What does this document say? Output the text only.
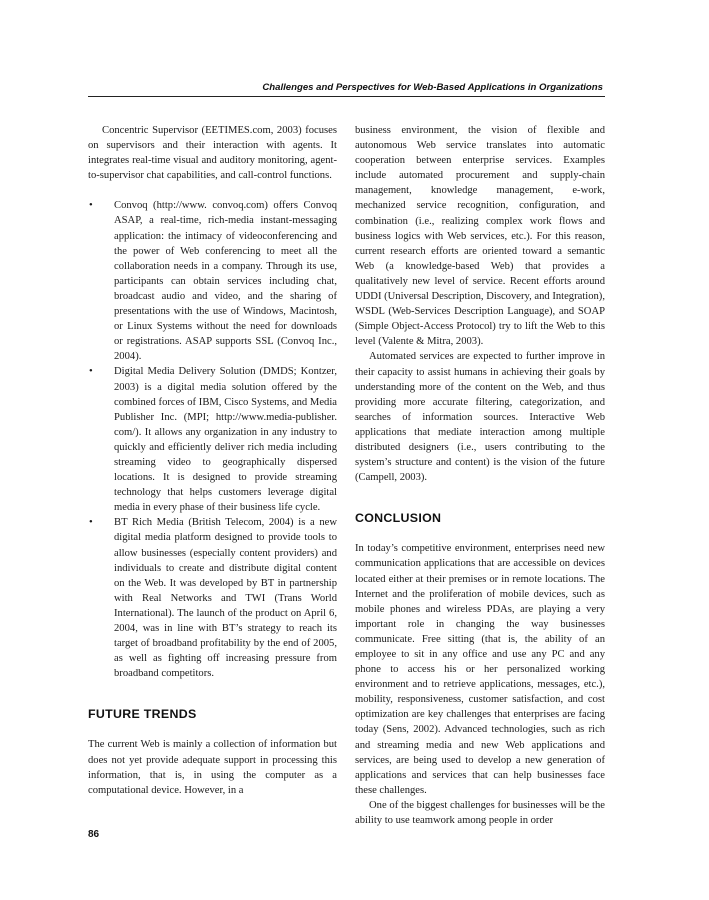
Challenges and Perspectives for Web-Based Applications in Organizations

Concentric Supervisor (EETIMES.com, 2003) focuses on supervisors and their interaction with agents. It integrates real-time visual and auditory monitoring, agent-to-supervisor chat capabilities, and call-control functions.

• Convoq (http://www. convoq.com) offers Convoq ASAP, a real-time, rich-media instant-messaging application: the intimacy of videoconferencing and the power of Web conferencing to meet all the collaboration needs in a company. Through its use, participants can obtain services including chat, broadcast audio and video, and the sharing of presentations with the use of Windows, Macintosh, or Linux Systems without the need for downloads or registrations. ASAP supports SSL (Convoq Inc., 2004).
• Digital Media Delivery Solution (DMDS; Kontzer, 2003) is a digital media solution offered by the combined forces of IBM, Cisco Systems, and Media Publisher Inc. (MPI; http://www.media-publisher. com/). It allows any organization in any industry to quickly and efficiently deliver rich media including streaming video to geographically dispersed locations. It is designed to provide streaming technology that helps customers leverage digital media in every phase of their business life cycle.
• BT Rich Media (British Telecom, 2004) is a new digital media platform designed to provide tools to allow businesses (especially content providers) and individuals to create and distribute digital content on the Web. It was developed by BT in partnership with Real Networks and TWI (Trans World International). The launch of the product on April 6, 2004, was in line with BT’s strategy to reach its target of broadband profitability by the end of 2005, as well as fighting off increasing pressure from broadband competitors.
FUTURE TRENDS

The current Web is mainly a collection of information but does not yet provide adequate support in processing this information, that is, in using the computer as a computational device. However, in a

business environment, the vision of flexible and autonomous Web service translates into automatic cooperation between enterprise services. Examples include automated procurement and supply-chain management, knowledge management, e-work, mechanized service recognition, configuration, and combination (i.e., realizing complex work flows and business logics with Web services, etc.). For this reason, current research efforts are oriented toward a semantic Web (a knowledge-based Web) that provides a qualitatively new level of service. Recent efforts around UDDI (Universal Description, Discovery, and Integration), WSDL (Web-Services Description Language), and SOAP (Simple Object-Access Protocol) try to lift the Web to this level (Valente & Mitra, 2003).

Automated services are expected to further improve in their capacity to assist humans in achieving their goals by understanding more of the content on the Web, and thus providing more accurate filtering, categorization, and searches of information sources. Interactive Web applications that mediate interaction among multiple distributed designers (i.e., users contributing to the system’s structure and content) is the vision of the future (Campell, 2003).

CONCLUSION

In today’s competitive environment, enterprises need new communication applications that are accessible on devices located either at their premises or in remote locations. The Internet and the proliferation of mobile devices, such as mobile phones and wireless PDAs, are playing a very important role in changing the way businesses communicate. Free sitting (that is, the ability of an employee to sit in any office and use any PC and any phone to access his or her personalized working environment and to retrieve applications, messages, etc.), mobility, responsiveness, customer satisfaction, and cost optimization are key challenges that enterprises are facing today (Sens, 2002). Advanced technologies, such as rich and streaming media and new Web applications and services, are being used to develop a new generation of applications and services that can help businesses face these challenges.

One of the biggest challenges for businesses will be the ability to use teamwork among people in order

86
